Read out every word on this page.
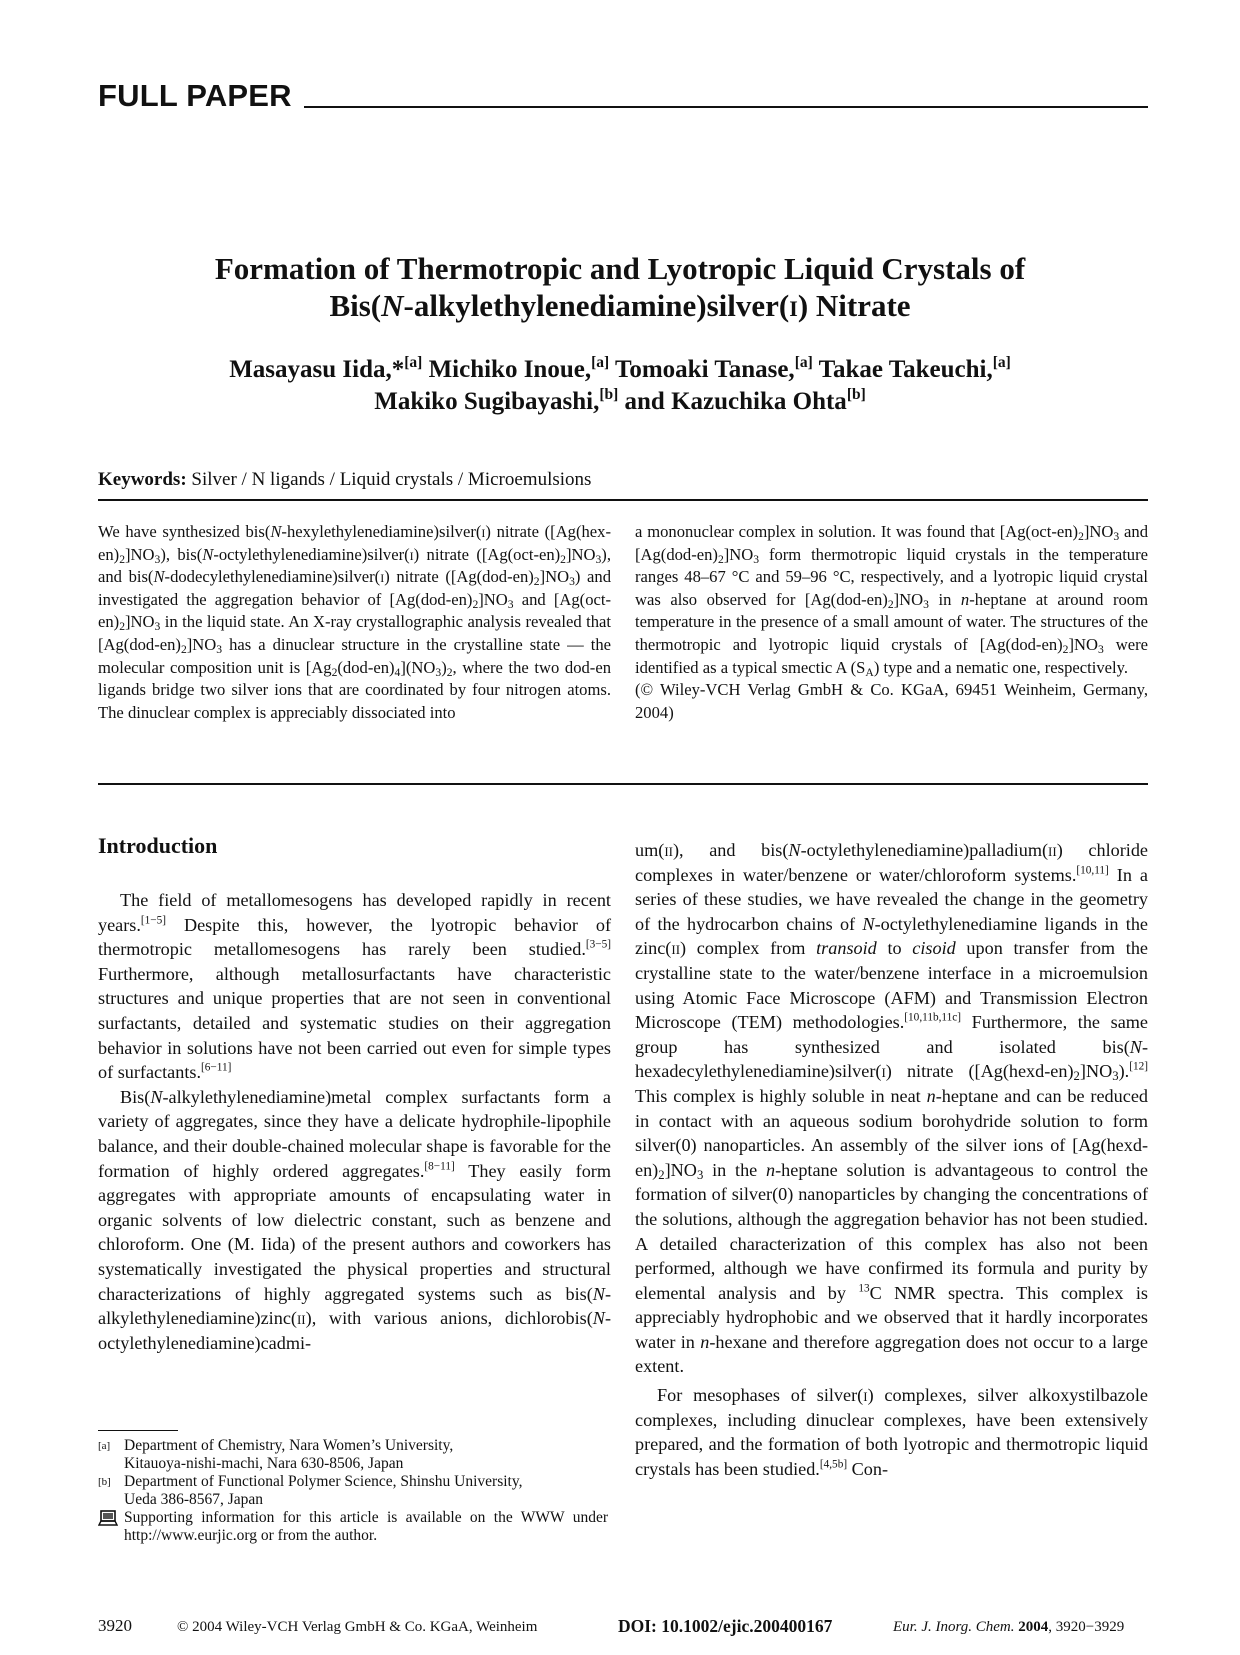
FULL PAPER
Formation of Thermotropic and Lyotropic Liquid Crystals of
Bis(N-alkylethylenediamine)silver(i) Nitrate
Masayasu Iida,*[a] Michiko Inoue,[a] Tomoaki Tanase,[a] Takae Takeuchi,[a]
Makiko Sugibayashi,[b] and Kazuchika Ohta[b]
Keywords: Silver / N ligands / Liquid crystals / Microemulsions
We have synthesized bis(N-hexylethylenediamine)silver(i) nitrate $([Ag(hex-en)_2]NO_3)$, bis(N-octylethylenediamine)silver(i) nitrate $([Ag(oct-en)_2]NO_3)$, and bis(N-dodecylethylenediamine)silver(i) nitrate $([Ag(dod-en)_2]NO_3)$ and investigated the aggregation behavior of $[Ag(dod-en)_2]NO_3$ and $[Ag(oct-en)_2]NO_3$ in the liquid state. An X-ray crystallographic analysis revealed that $[Ag(dod-en)_2]NO_3$ has a dinuclear structure in the crystalline state — the molecular composition unit is $[Ag_2(dod-en)_4](NO_3)_2$, where the two dod-en ligands bridge two silver ions that are coordinated by four nitrogen atoms. The dinuclear complex is appreciably dissociated into
a mononuclear complex in solution. It was found that $[Ag(oct-en)_2]NO_3$ and $[Ag(dod-en)_2]NO_3$ form thermotropic liquid crystals in the temperature ranges 48–67 °C and 59–96 °C, respectively, and a lyotropic liquid crystal was also observed for $[Ag(dod-en)_2]NO_3$ in n-heptane at around room temperature in the presence of a small amount of water. The structures of the thermotropic and lyotropic liquid crystals of $[Ag(dod-en)_2]NO_3$ were identified as a typical smectic A $(S_A)$ type and a nematic one, respectively.
(© Wiley-VCH Verlag GmbH & Co. KGaA, 69451 Weinheim, Germany, 2004)
Introduction

The field of metallomesogens has developed rapidly in recent years.[1−5] Despite this, however, the lyotropic behavior of thermotropic metallomesogens has rarely been studied.[3−5] Furthermore, although metallosurfactants have characteristic structures and unique properties that are not seen in conventional surfactants, detailed and systematic studies on their aggregation behavior in solutions have not been carried out even for simple types of surfactants.[6−11]

Bis(N-alkylethylenediamine)metal complex surfactants form a variety of aggregates, since they have a delicate hydrophile-lipophile balance, and their double-chained molecular shape is favorable for the formation of highly ordered aggregates.[8−11] They easily form aggregates with appropriate amounts of encapsulating water in organic solvents of low dielectric constant, such as benzene and chloroform. One (M. Iida) of the present authors and coworkers has systematically investigated the physical properties and structural characterizations of highly aggregated systems such as bis(N-alkylethylenediamine)zinc(ii), with various anions, dichlorobis(N-octylethylenediamine)cadmi-

um(ii), and bis(N-octylethylenediamine)palladium(ii) chloride complexes in water/benzene or water/chloroform systems.[10,11] In a series of these studies, we have revealed the change in the geometry of the hydrocarbon chains of N-octylethylenediamine ligands in the zinc(ii) complex from transoid to cisoid upon transfer from the crystalline state to the water/benzene interface in a microemulsion using Atomic Face Microscope (AFM) and Transmission Electron Microscope (TEM) methodologies.[10,11b,11c] Furthermore, the same group has synthesized and isolated bis(N-hexadecylethylenediamine)silver(i) nitrate $([Ag(hexd-en)_2]NO_3).[12]$ This complex is highly soluble in neat n-heptane and can be reduced in contact with an aqueous sodium borohydride solution to form silver(0) nanoparticles. An assembly of the silver ions of $[Ag(hexd-en)_2]NO_3$ in the n-heptane solution is advantageous to control the formation of silver(0) nanoparticles by changing the concentrations of the solutions, although the aggregation behavior has not been studied. A detailed characterization of this complex has also not been performed, although we have confirmed its formula and purity by elemental analysis and by $^{13}$C NMR spectra. This complex is appreciably hydrophobic and we observed that it hardly incorporates water in n-hexane and therefore aggregation does not occur to a large extent.

For mesophases of silver(i) complexes, silver alkoxystilbazole complexes, including dinuclear complexes, have been extensively prepared, and the formation of both lyotropic and thermotropic liquid crystals has been studied.[4,5b] Con-

[a] Department of Chemistry, Nara Women’s University,
Kitauoya-nishi-machi, Nara 630-8506, Japan
[b] Department of Functional Polymer Science, Shinshu University,
Ueda 386-8567, Japan
Supporting information for this article is available on the WWW under http://www.eurjic.org or from the author.
3920	© 2004 Wiley-VCH Verlag GmbH & Co. KGaA, Weinheim	DOI: 10.1002/ejic.200400167	Eur. J. Inorg. Chem. 2004, 3920−3929
